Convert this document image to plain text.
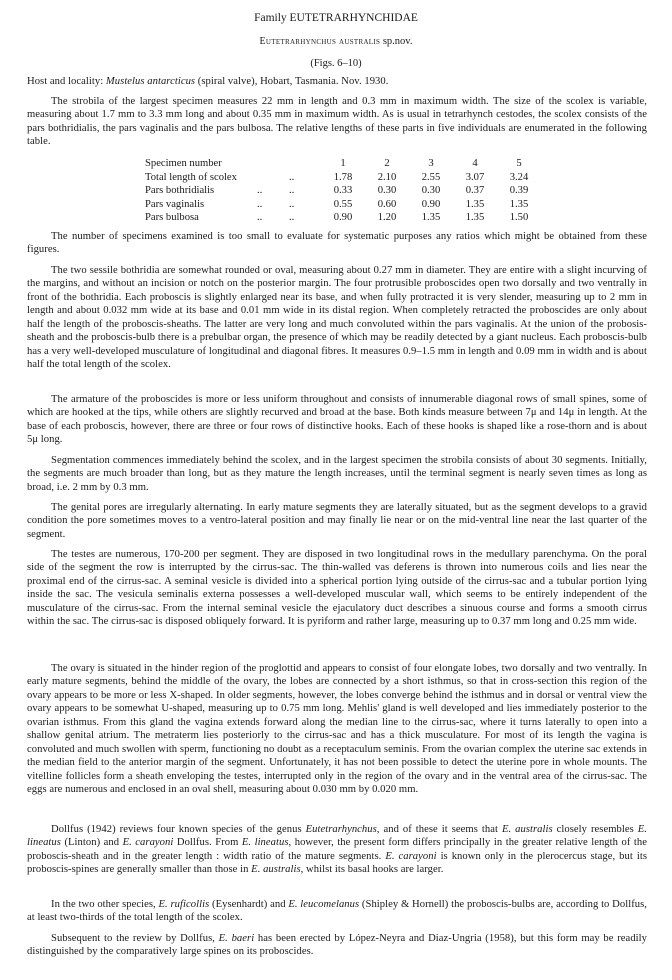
Family EUTETRARHYNCHIDAE
Eutetrarhynchus australis sp.nov.
(Figs. 6–10)

Host and locality: Mustelus antarcticus (spiral valve), Hobart, Tasmania. Nov. 1930.

The strobila of the largest specimen measures 22 mm in length and 0.3 mm in maximum width. The size of the scolex is variable, measuring about 1.7 mm to 3.3 mm long and about 0.35 mm in maximum width. As is usual in tetrarhynch cestodes, the scolex consists of the pars bothridialis, the pars vaginalis and the pars bulbosa. The relative lengths of these parts in five individuals are enumerated in the following table.

Specimen number			1	2	3	4	5
Total length of scolex		..	1.78	2.10	2.55	3.07	3.24
Pars bothridialis	..	..	0.33	0.30	0.30	0.37	0.39
Pars vaginalis	..	..	0.55	0.60	0.90	1.35	1.35
Pars bulbosa	..	..	0.90	1.20	1.35	1.35	1.50

The number of specimens examined is too small to evaluate for systematic purposes any ratios which might be obtained from these figures.

The two sessile bothridia are somewhat rounded or oval, measuring about 0.27 mm in diameter. They are entire with a slight incurving of the margins, and without an incision or notch on the posterior margin. The four protrusible proboscides open two dorsally and two ventrally in front of the bothridia. Each proboscis is slightly enlarged near its base, and when fully protracted it is very slender, measuring up to 2 mm in length and about 0.032 mm wide at its base and 0.01 mm wide in its distal region. When completely retracted the proboscides are only about half the length of the proboscis-sheaths. The latter are very long and much convoluted within the pars vaginalis. At the union of the probosis-sheath and the proboscis-bulb there is a prebulbar organ, the presence of which may be readily detected by a giant nucleus. Each proboscis-bulb has a very well-developed musculature of longitudinal and diagonal fibres. It measures 0.9–1.5 mm in length and 0.09 mm in width and is about half the total length of the scolex.

The armature of the proboscides is more or less uniform throughout and consists of innumerable diagonal rows of small spines, some of which are hooked at the tips, while others are slightly recurved and broad at the base. Both kinds measure between 7μ and 14μ in length. At the base of each proboscis, however, there are three or four rows of distinctive hooks. Each of these hooks is shaped like a rose-thorn and is about 5μ long.

Segmentation commences immediately behind the scolex, and in the largest specimen the strobila consists of about 30 segments. Initially, the segments are much broader than long, but as they mature the length increases, until the terminal segment is nearly seven times as long as broad, i.e. 2 mm by 0.3 mm.

The genital pores are irregularly alternating. In early mature segments they are laterally situated, but as the segment develops to a gravid condition the pore sometimes moves to a ventro-lateral position and may finally lie near or on the mid-ventral line near the last quarter of the segment.

The testes are numerous, 170-200 per segment. They are disposed in two longitudinal rows in the medullary parenchyma. On the poral side of the segment the row is interrupted by the cirrus-sac. The thin-walled vas deferens is thrown into numerous coils and lies near the proximal end of the cirrus-sac. A seminal vesicle is divided into a spherical portion lying outside of the cirrus-sac and a tubular portion lying inside the sac. The vesicula seminalis externa possesses a well-developed muscular wall, which seems to be entirely independent of the musculature of the cirrus-sac. From the internal seminal vesicle the ejaculatory duct describes a sinuous course and forms a smooth cirrus within the sac. The cirrus-sac is disposed obliquely forward. It is pyriform and rather large, measuring up to 0.37 mm long and 0.25 mm wide.

The ovary is situated in the hinder region of the proglottid and appears to consist of four elongate lobes, two dorsally and two ventrally. In early mature segments, behind the middle of the ovary, the lobes are connected by a short isthmus, so that in cross-section this region of the ovary appears to be more or less X-shaped. In older segments, however, the lobes converge behind the isthmus and in dorsal or ventral view the ovary appears to be somewhat U-shaped, measuring up to 0.75 mm long. Mehlis' gland is well developed and lies immediately posterior to the ovarian isthmus. From this gland the vagina extends forward along the median line to the cirrus-sac, where it turns laterally to open into a shallow genital atrium. The metraterm lies posteriorly to the cirrus-sac and has a thick musculature. For most of its length the vagina is convoluted and much swollen with sperm, functioning no doubt as a receptaculum seminis. From the ovarian complex the uterine sac extends in the median field to the anterior margin of the segment. Unfortunately, it has not been possible to detect the uterine pore in whole mounts. The vitelline follicles form a sheath enveloping the testes, interrupted only in the region of the ovary and in the ventral area of the cirrus-sac. The eggs are numerous and enclosed in an oval shell, measuring about 0.030 mm by 0.020 mm.

Dollfus (1942) reviews four known species of the genus Eutetrarhynchus, and of these it seems that E. australis closely resembles E. lineatus (Linton) and E. carayoni Dollfus. From E. lineatus, however, the present form differs principally in the greater relative length of the proboscis-sheath and in the greater length : width ratio of the mature segments. E. carayoni is known only in the plerocercus stage, but its proboscis-spines are generally smaller than those in E. australis, whilst its basal hooks are larger.

In the two other species, E. ruficollis (Eysenhardt) and E. leucomelanus (Shipley & Hornell) the proboscis-bulbs are, according to Dollfus, at least two-thirds of the total length of the scolex.

Subsequent to the review by Dollfus, E. baeri has been erected by López-Neyra and Diaz-Ungria (1958), but this form may be readily distinguished by the comparatively large spines on its proboscides.
